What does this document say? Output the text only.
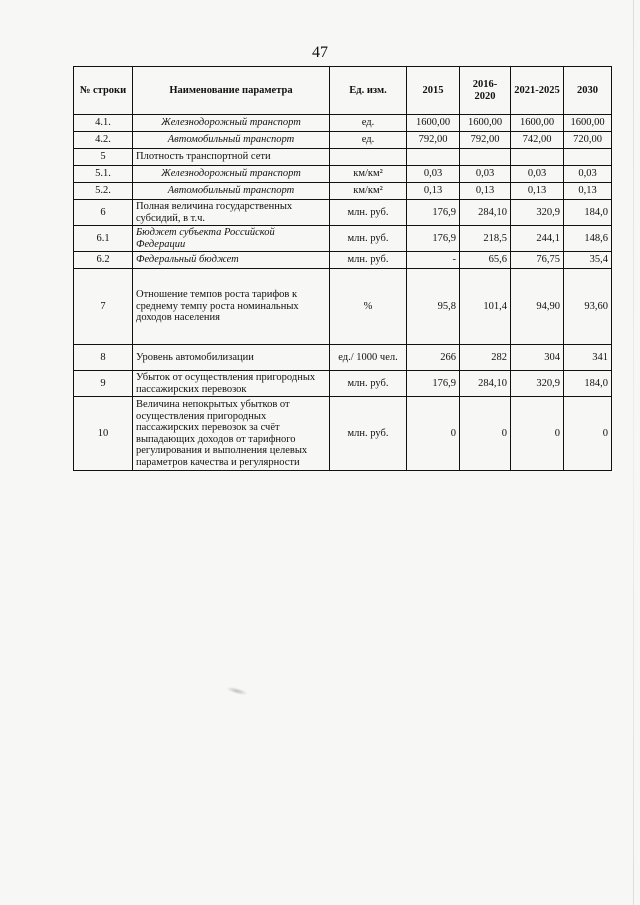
47
№ строки	Наименование параметра	Ед. изм.	2015	2016-2020	2021-2025	2030
4.1.	Железнодорожный транспорт	ед.	1600,00	1600,00	1600,00	1600,00
4.2.	Автомобильный транспорт	ед.	792,00	792,00	742,00	720,00
5	Плотность транспортной сети					
5.1.	Железнодорожный транспорт	км/км²	0,03	0,03	0,03	0,03
5.2.	Автомобильный транспорт	км/км²	0,13	0,13	0,13	0,13
6	Полная величина государственных субсидий, в т.ч.	млн. руб.	176,9	284,10	320,9	184,0
6.1	Бюджет субъекта Российской Федерации	млн. руб.	176,9	218,5	244,1	148,6
6.2	Федеральный бюджет	млн. руб.	-	65,6	76,75	35,4
7	Отношение темпов роста тарифов к среднему темпу роста номинальных доходов населения	%	95,8	101,4	94,90	93,60
8	Уровень автомобилизации	ед./ 1000 чел.	266	282	304	341
9	Убыток от осуществления пригородных пассажирских перевозок	млн. руб.	176,9	284,10	320,9	184,0
10	Величина непокрытых убытков от осуществления пригородных пассажирских перевозок за счёт выпадающих доходов от тарифного регулирования и выполнения целевых параметров качества и регулярности	млн. руб.	0	0	0	0
